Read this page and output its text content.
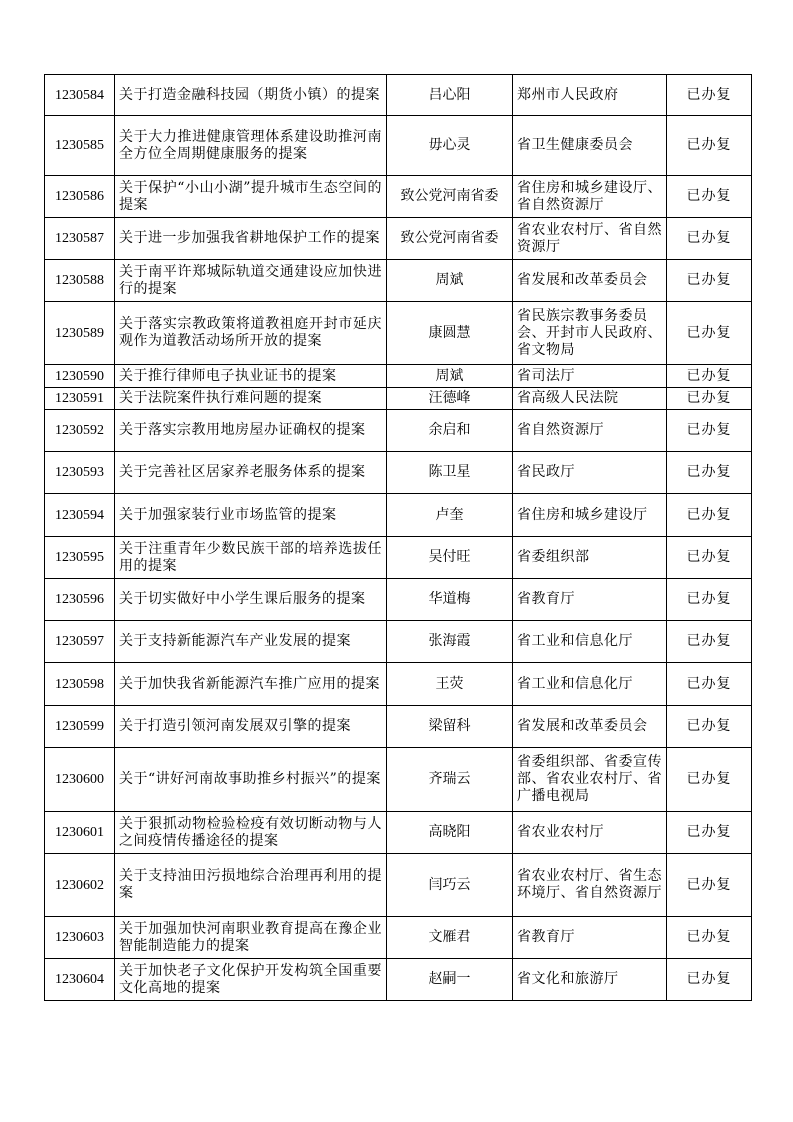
1230584	关于打造金融科技园（期货小镇）的提案	吕心阳	郑州市人民政府	已办复
1230585	关于大力推进健康管理体系建设助推河南全方位全周期健康服务的提案	毋心灵	省卫生健康委员会	已办复
1230586	关于保护“小山小湖”提升城市生态空间的提案	致公党河南省委	省住房和城乡建设厅、省自然资源厅	已办复
1230587	关于进一步加强我省耕地保护工作的提案	致公党河南省委	省农业农村厅、省自然资源厅	已办复
1230588	关于南平许郑城际轨道交通建设应加快进行的提案	周斌	省发展和改革委员会	已办复
1230589	关于落实宗教政策将道教祖庭开封市延庆观作为道教活动场所开放的提案	康圆慧	省民族宗教事务委员会、开封市人民政府、省文物局	已办复
1230590	关于推行律师电子执业证书的提案	周斌	省司法厅	已办复
1230591	关于法院案件执行难问题的提案	汪德峰	省高级人民法院	已办复
1230592	关于落实宗教用地房屋办证确权的提案	余启和	省自然资源厅	已办复
1230593	关于完善社区居家养老服务体系的提案	陈卫星	省民政厅	已办复
1230594	关于加强家装行业市场监管的提案	卢奎	省住房和城乡建设厅	已办复
1230595	关于注重青年少数民族干部的培养选拔任用的提案	吴付旺	省委组织部	已办复
1230596	关于切实做好中小学生课后服务的提案	华道梅	省教育厅	已办复
1230597	关于支持新能源汽车产业发展的提案	张海霞	省工业和信息化厅	已办复
1230598	关于加快我省新能源汽车推广应用的提案	王荧	省工业和信息化厅	已办复
1230599	关于打造引领河南发展双引擎的提案	梁留科	省发展和改革委员会	已办复
1230600	关于“讲好河南故事助推乡村振兴”的提案	齐瑞云	省委组织部、省委宣传部、省农业农村厅、省广播电视局	已办复
1230601	关于狠抓动物检验检疫有效切断动物与人之间疫情传播途径的提案	高晓阳	省农业农村厅	已办复
1230602	关于支持油田污损地综合治理再利用的提案	闫巧云	省农业农村厅、省生态环境厅、省自然资源厅	已办复
1230603	关于加强加快河南职业教育提高在豫企业智能制造能力的提案	文雁君	省教育厅	已办复
1230604	关于加快老子文化保护开发构筑全国重要文化高地的提案	赵嗣一	省文化和旅游厅	已办复
